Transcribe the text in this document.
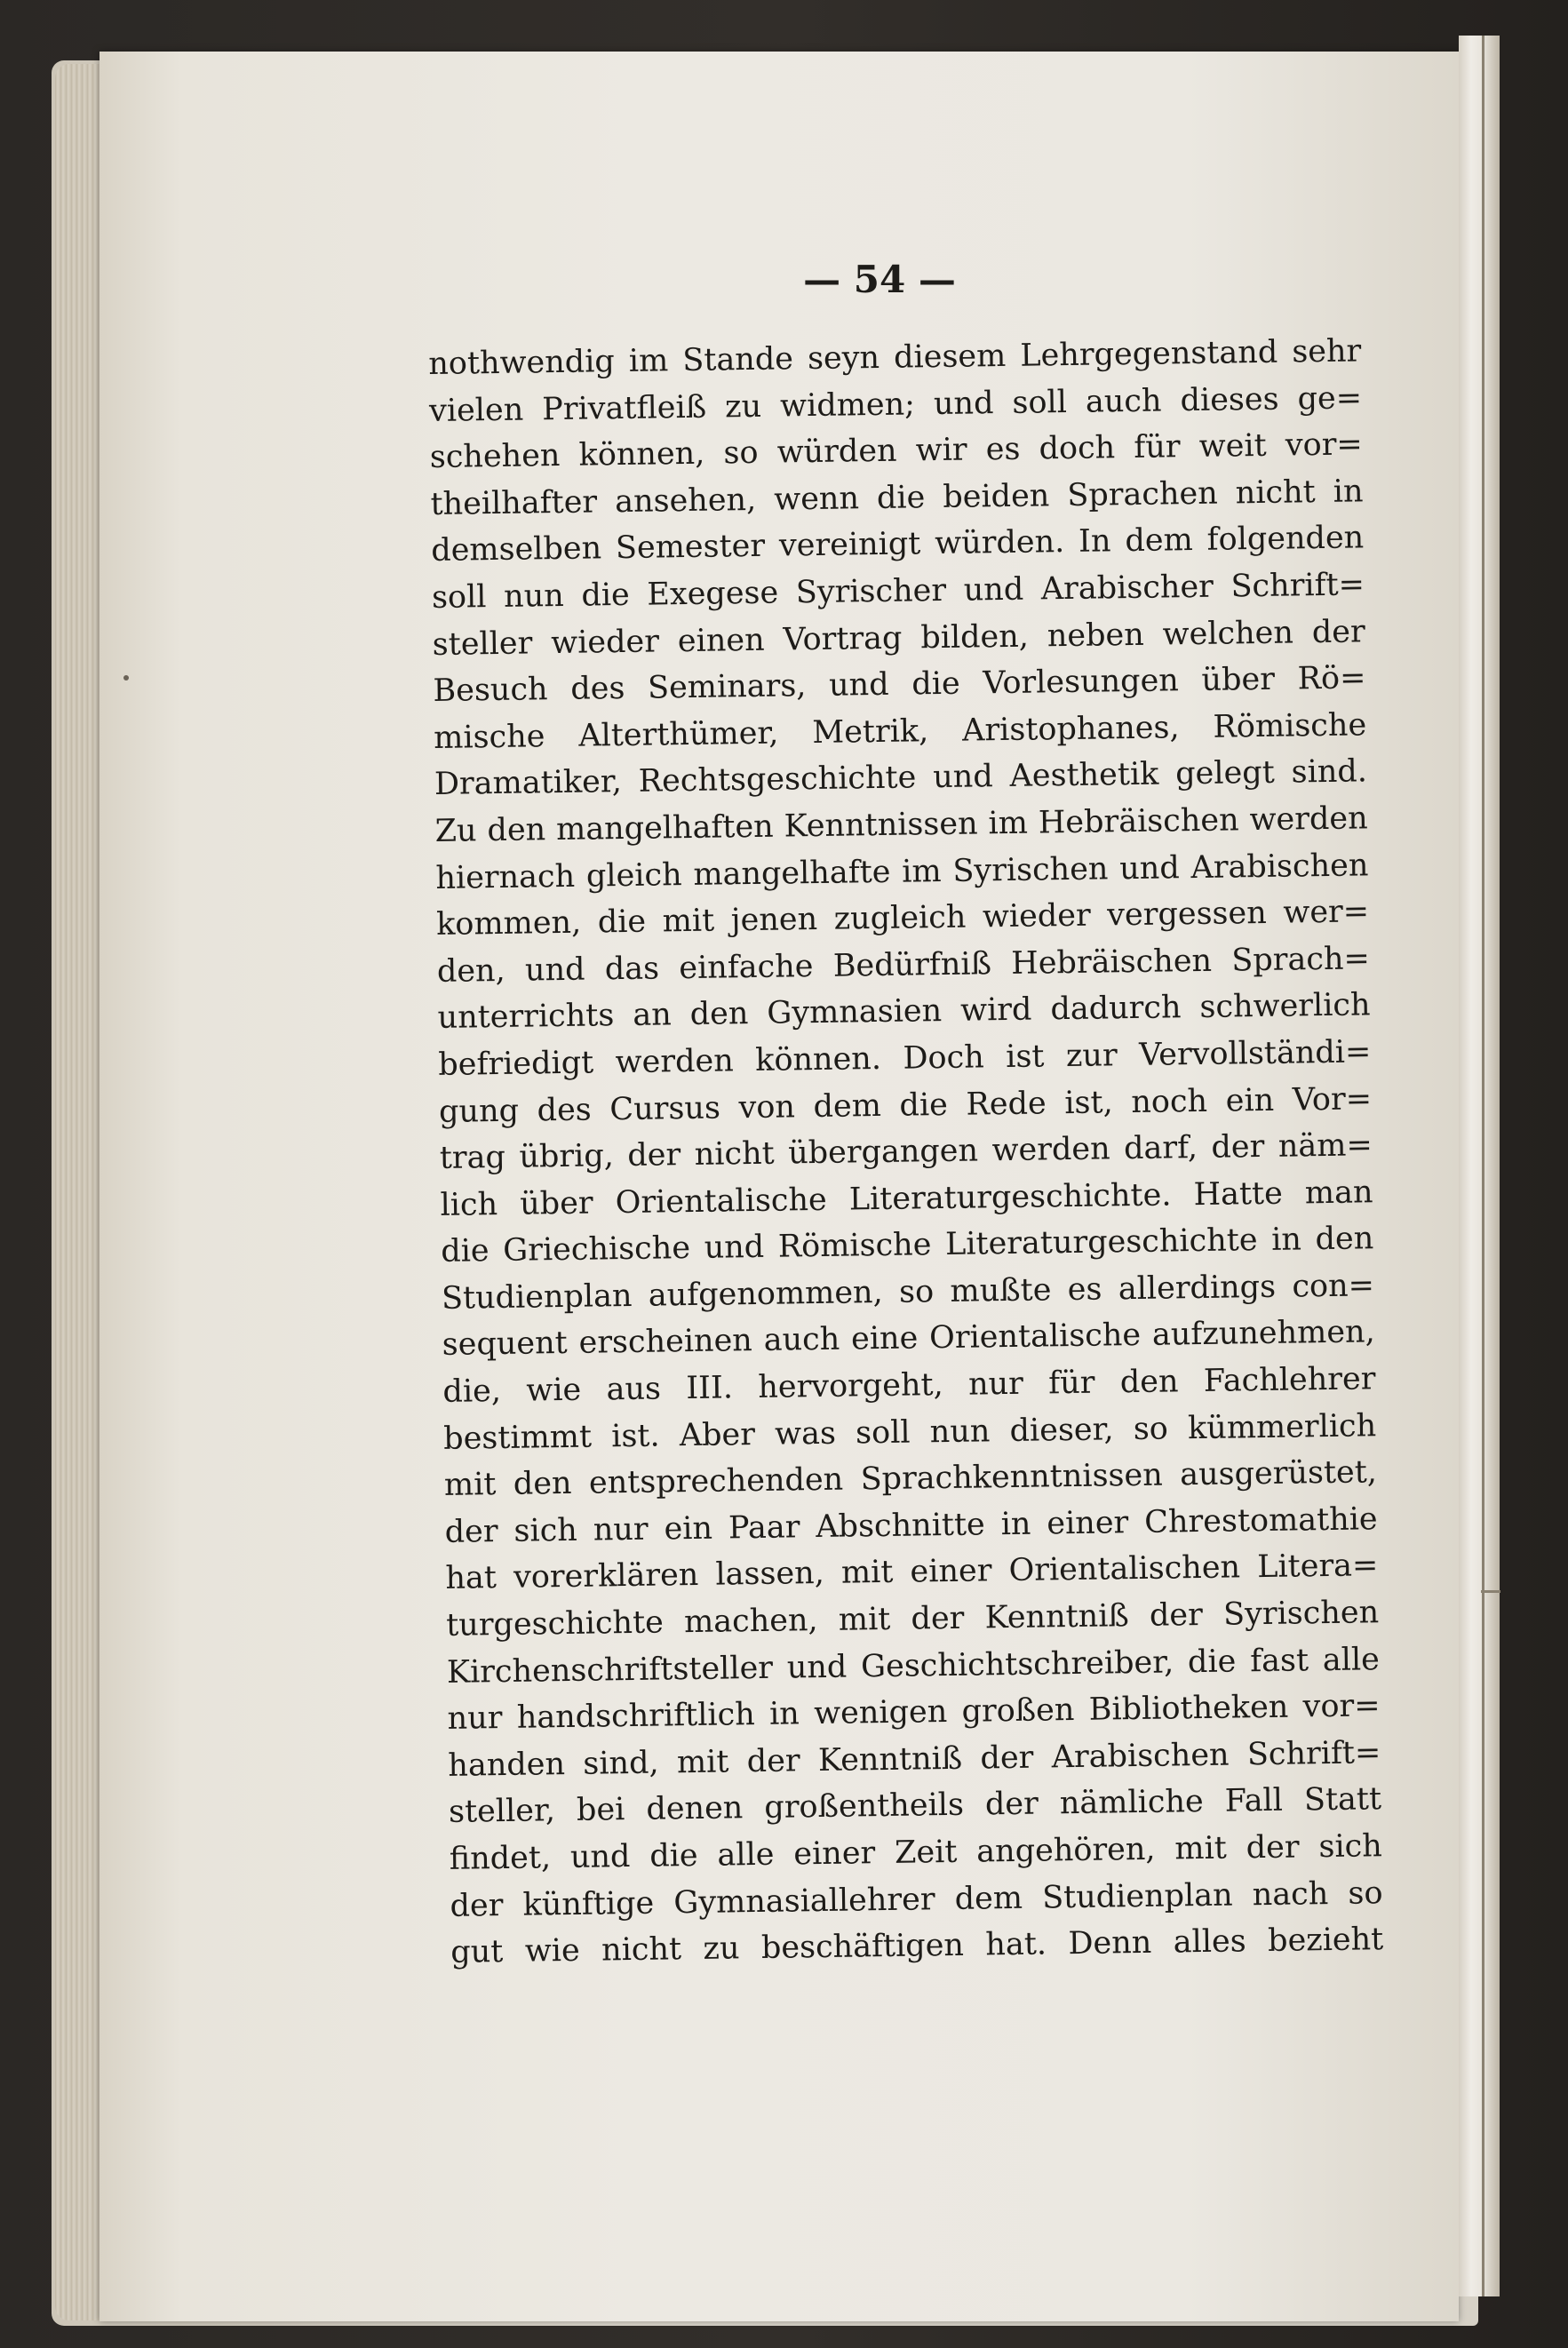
— 54 —
nothwendig im Stande seyn diesem Lehrgegenstand sehr
vielen Privatfleiß zu widmen; und soll auch dieses ge=
schehen können, so würden wir es doch für weit vor=
theilhafter ansehen, wenn die beiden Sprachen nicht in
demselben Semester vereinigt würden. In dem folgenden
soll nun die Exegese Syrischer und Arabischer Schrift=
steller wieder einen Vortrag bilden, neben welchen der
Besuch des Seminars, und die Vorlesungen über Rö=
mische Alterthümer, Metrik, Aristophanes, Römische
Dramatiker, Rechtsgeschichte und Aesthetik gelegt sind.
Zu den mangelhaften Kenntnissen im Hebräischen werden
hiernach gleich mangelhafte im Syrischen und Arabischen
kommen, die mit jenen zugleich wieder vergessen wer=
den, und das einfache Bedürfniß Hebräischen Sprach=
unterrichts an den Gymnasien wird dadurch schwerlich
befriedigt werden können. Doch ist zur Vervollständi=
gung des Cursus von dem die Rede ist, noch ein Vor=
trag übrig, der nicht übergangen werden darf, der näm=
lich über Orientalische Literaturgeschichte. Hatte man
die Griechische und Römische Literaturgeschichte in den
Studienplan aufgenommen, so mußte es allerdings con=
sequent erscheinen auch eine Orientalische aufzunehmen,
die, wie aus III. hervorgeht, nur für den Fachlehrer
bestimmt ist. Aber was soll nun dieser, so kümmerlich
mit den entsprechenden Sprachkenntnissen ausgerüstet,
der sich nur ein Paar Abschnitte in einer Chrestomathie
hat vorerklären lassen, mit einer Orientalischen Litera=
turgeschichte machen, mit der Kenntniß der Syrischen
Kirchenschriftsteller und Geschichtschreiber, die fast alle
nur handschriftlich in wenigen großen Bibliotheken vor=
handen sind, mit der Kenntniß der Arabischen Schrift=
steller, bei denen großentheils der nämliche Fall Statt
findet, und die alle einer Zeit angehören, mit der sich
der künftige Gymnasiallehrer dem Studienplan nach so
gut wie nicht zu beschäftigen hat. Denn alles bezieht
